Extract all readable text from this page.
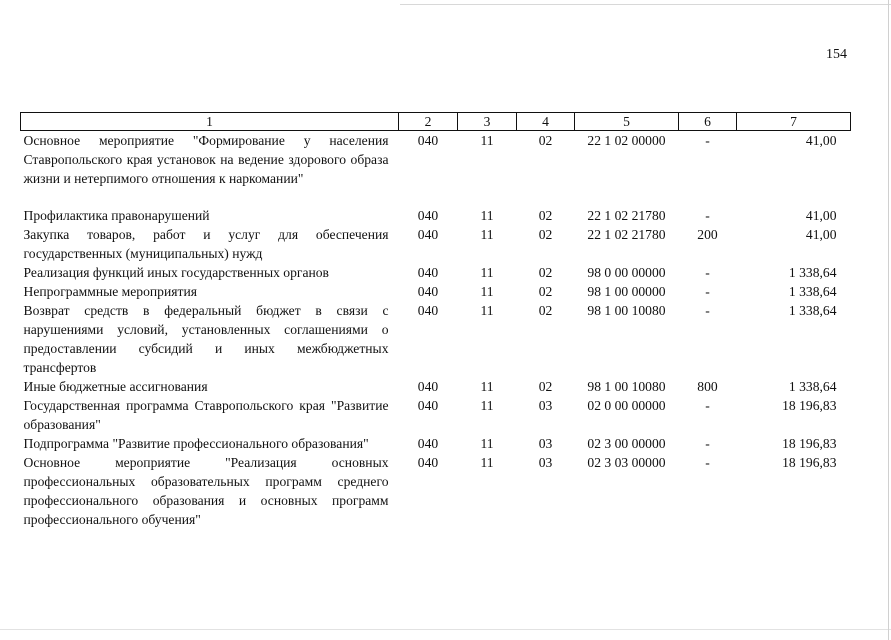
154
1	2	3	4	5	6	7
Основное мероприятие "Формирование у населения Ставропольского края установок на ведение здорового образа жизни и нетерпимого отношения к наркомании"	040	11	02	22 1 02 00000	-	41,00

Профилактика правонарушений	040	11	02	22 1 02 21780	-	41,00
Закупка товаров, работ и услуг для обеспечения государственных (муниципальных) нужд	040	11	02	22 1 02 21780	200	41,00
Реализация функций иных государственных органов	040	11	02	98 0 00 00000	-	1 338,64
Непрограммные мероприятия	040	11	02	98 1 00 00000	-	1 338,64
Возврат средств в федеральный бюджет в связи с нарушениями условий, установленных соглашениями о предоставлении субсидий и иных межбюджетных трансфертов	040	11	02	98 1 00 10080	-	1 338,64
Иные бюджетные ассигнования	040	11	02	98 1 00 10080	800	1 338,64
Государственная программа Ставропольского края "Развитие образования"	040	11	03	02 0 00 00000	-	18 196,83
Подпрограмма "Развитие профессионального образования"	040	11	03	02 3 00 00000	-	18 196,83
Основное мероприятие "Реализация основных профессиональных образовательных программ среднего профессионального образования и основных программ профессионального обучения"	040	11	03	02 3 03 00000	-	18 196,83
